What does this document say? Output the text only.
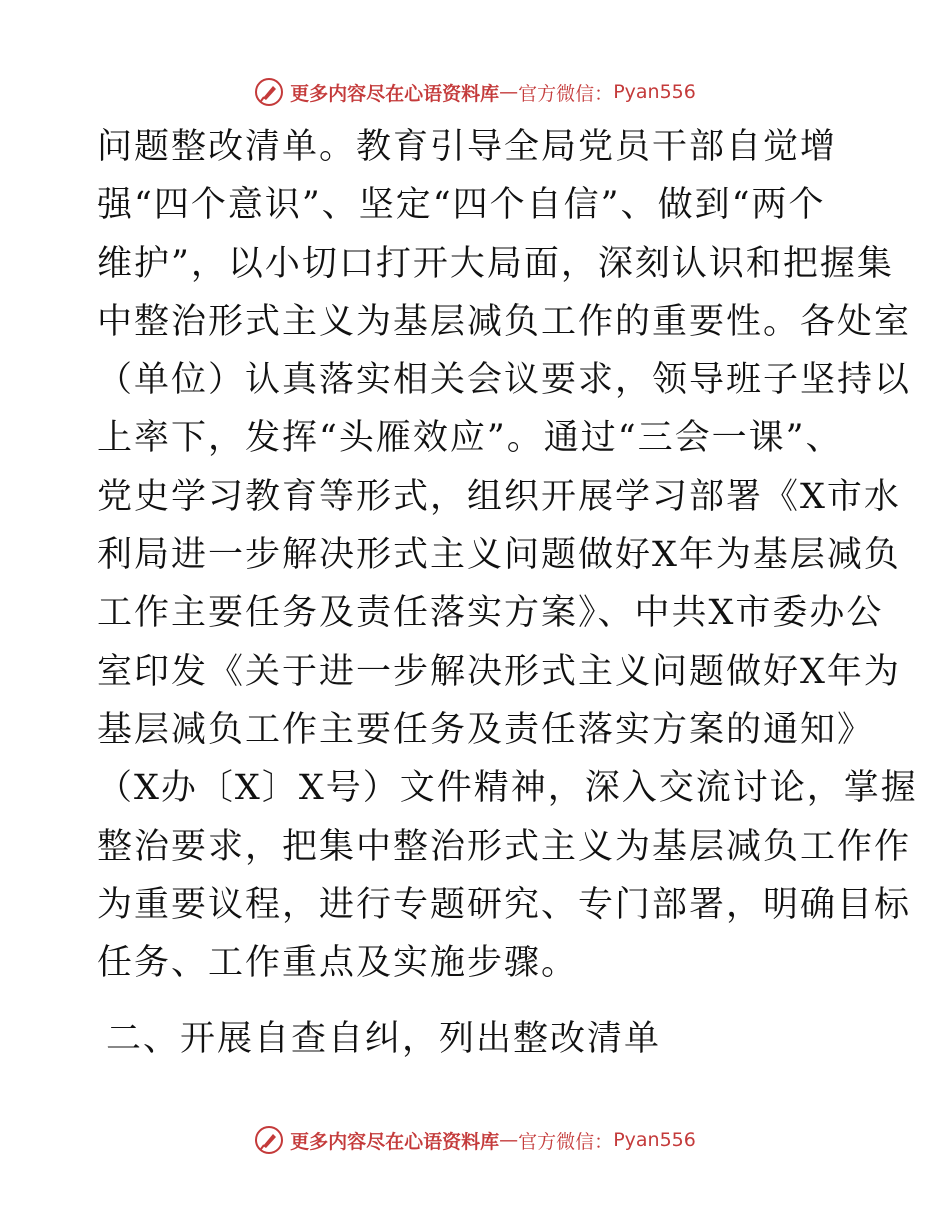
更多内容尽在心语资料库 — 官方微信： Pyan556
问题整改清单。教育引导全局党员干部自觉增
强“四个意识”、坚定“四个自信”、做到“两个
维护”，以小切口打开大局面，深刻认识和把握集
中整治形式主义为基层减负工作的重要性。各处室
（单位）认真落实相关会议要求，领导班子坚持以
上率下，发挥“头雁效应”。通过“三会一课”、
党史学习教育等形式，组织开展学习部署《X市水
利局进一步解决形式主义问题做好X年为基层减负
工作主要任务及责任落实方案》、中共X市委办公
室印发《关于进一步解决形式主义问题做好X年为
基层减负工作主要任务及责任落实方案的通知》
（X办〔X〕X号）文件精神，深入交流讨论，掌握
整治要求，把集中整治形式主义为基层减负工作作
为重要议程，进行专题研究、专门部署，明确目标
任务、工作重点及实施步骤。
二、开展自查自纠，列出整改清单
更多内容尽在心语资料库 — 官方微信： Pyan556
